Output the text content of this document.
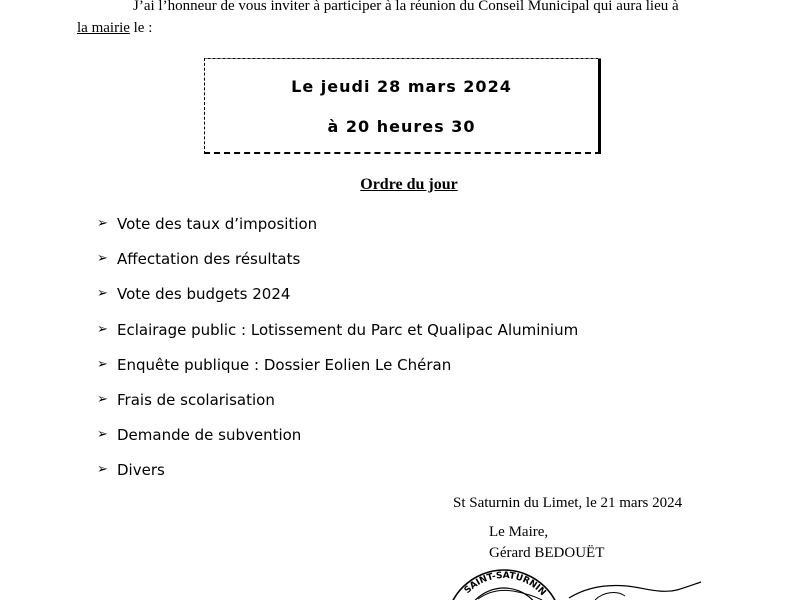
J’ai l’honneur de vous inviter à participer à la réunion du Conseil Municipal qui aura lieu à
la mairie le :
Le jeudi 28 mars 2024
à 20 heures 30
Ordre du jour
➢ Vote des taux d’imposition
➢ Affectation des résultats
➢ Vote des budgets 2024
➢ Eclairage public : Lotissement du Parc et Qualipac Aluminium
➢ Enquête publique : Dossier Eolien Le Chéran
➢ Frais de scolarisation
➢ Demande de subvention
➢ Divers
St Saturnin du Limet, le 21 mars 2024
Le Maire,
Gérard BEDOUËT
SAINT-SATURNIN
